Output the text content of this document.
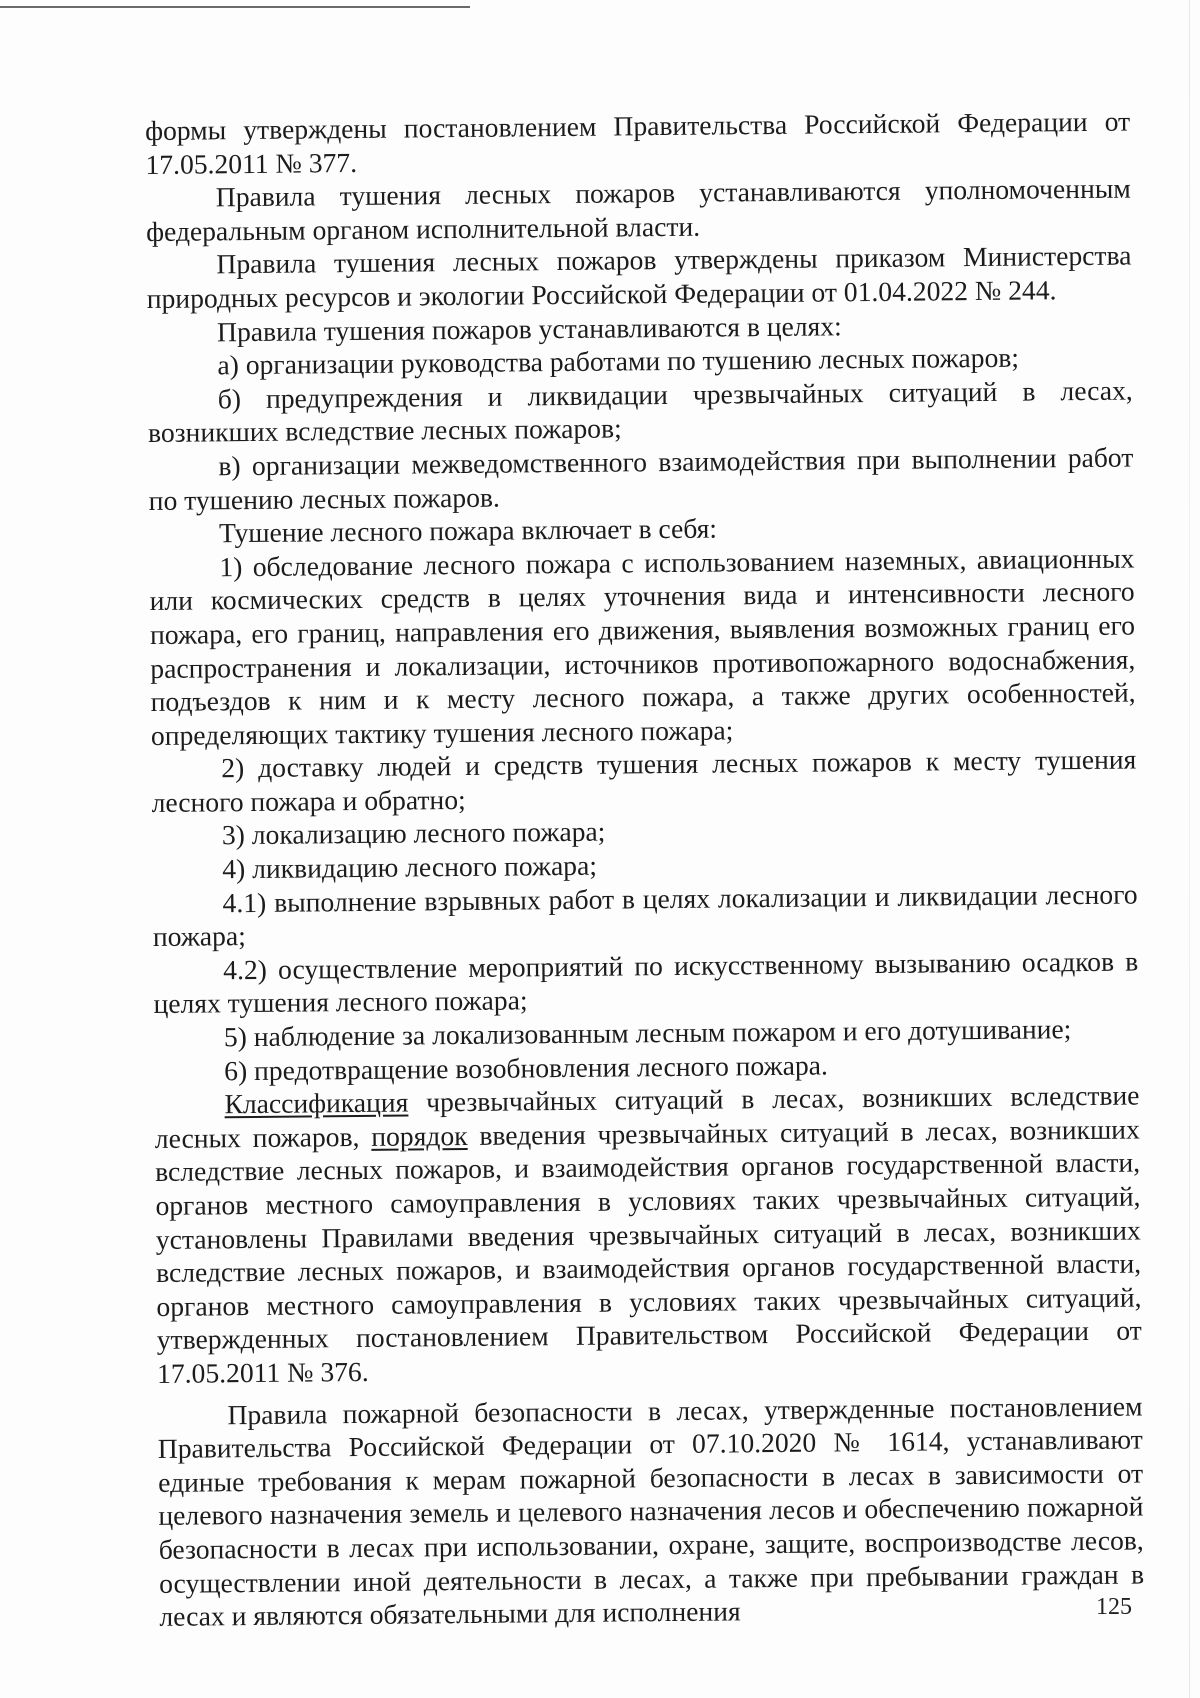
формы утверждены постановлением Правительства Российской Федерации от 17.05.2011 № 377.

Правила тушения лесных пожаров устанавливаются уполномоченным федеральным органом исполнительной власти.

Правила тушения лесных пожаров утверждены приказом Министерства природных ресурсов и экологии Российской Федерации от 01.04.2022 № 244.

Правила тушения пожаров устанавливаются в целях:

а) организации руководства работами по тушению лесных пожаров;

б) предупреждения и ликвидации чрезвычайных ситуаций в лесах, возникших вследствие лесных пожаров;

в) организации межведомственного взаимодействия при выполнении работ по тушению лесных пожаров.

Тушение лесного пожара включает в себя:

1) обследование лесного пожара с использованием наземных, авиационных или космических средств в целях уточнения вида и интенсивности лесного пожара, его границ, направления его движения, выявления возможных границ его распространения и локализации, источников противопожарного водоснабжения, подъездов к ним и к месту лесного пожара, а также других особенностей, определяющих тактику тушения лесного пожара;

2) доставку людей и средств тушения лесных пожаров к месту тушения лесного пожара и обратно;

3) локализацию лесного пожара;

4) ликвидацию лесного пожара;

4.1) выполнение взрывных работ в целях локализации и ликвидации лесного пожара;

4.2) осуществление мероприятий по искусственному вызыванию осадков в целях тушения лесного пожара;

5) наблюдение за локализованным лесным пожаром и его дотушивание;

6) предотвращение возобновления лесного пожара.

Классификация чрезвычайных ситуаций в лесах, возникших вследствие лесных пожаров, порядок введения чрезвычайных ситуаций в лесах, возникших вследствие лесных пожаров, и взаимодействия органов государственной власти, органов местного самоуправления в условиях таких чрезвычайных ситуаций, установлены Правилами введения чрезвычайных ситуаций в лесах, возникших вследствие лесных пожаров, и взаимодействия органов государственной власти, органов местного самоуправления в условиях таких чрезвычайных ситуаций, утвержденных постановлением Правительством Российской Федерации от 17.05.2011 № 376.

Правила пожарной безопасности в лесах, утвержденные постановлением Правительства Российской Федерации от 07.10.2020 № 1614, устанавливают единые требования к мерам пожарной безопасности в лесах в зависимости от целевого назначения земель и целевого назначения лесов и обеспечению пожарной безопасности в лесах при использовании, охране, защите, воспроизводстве лесов, осуществлении иной деятельности в лесах, а также при пребывании граждан в лесах и являются обязательными для исполнения	125
